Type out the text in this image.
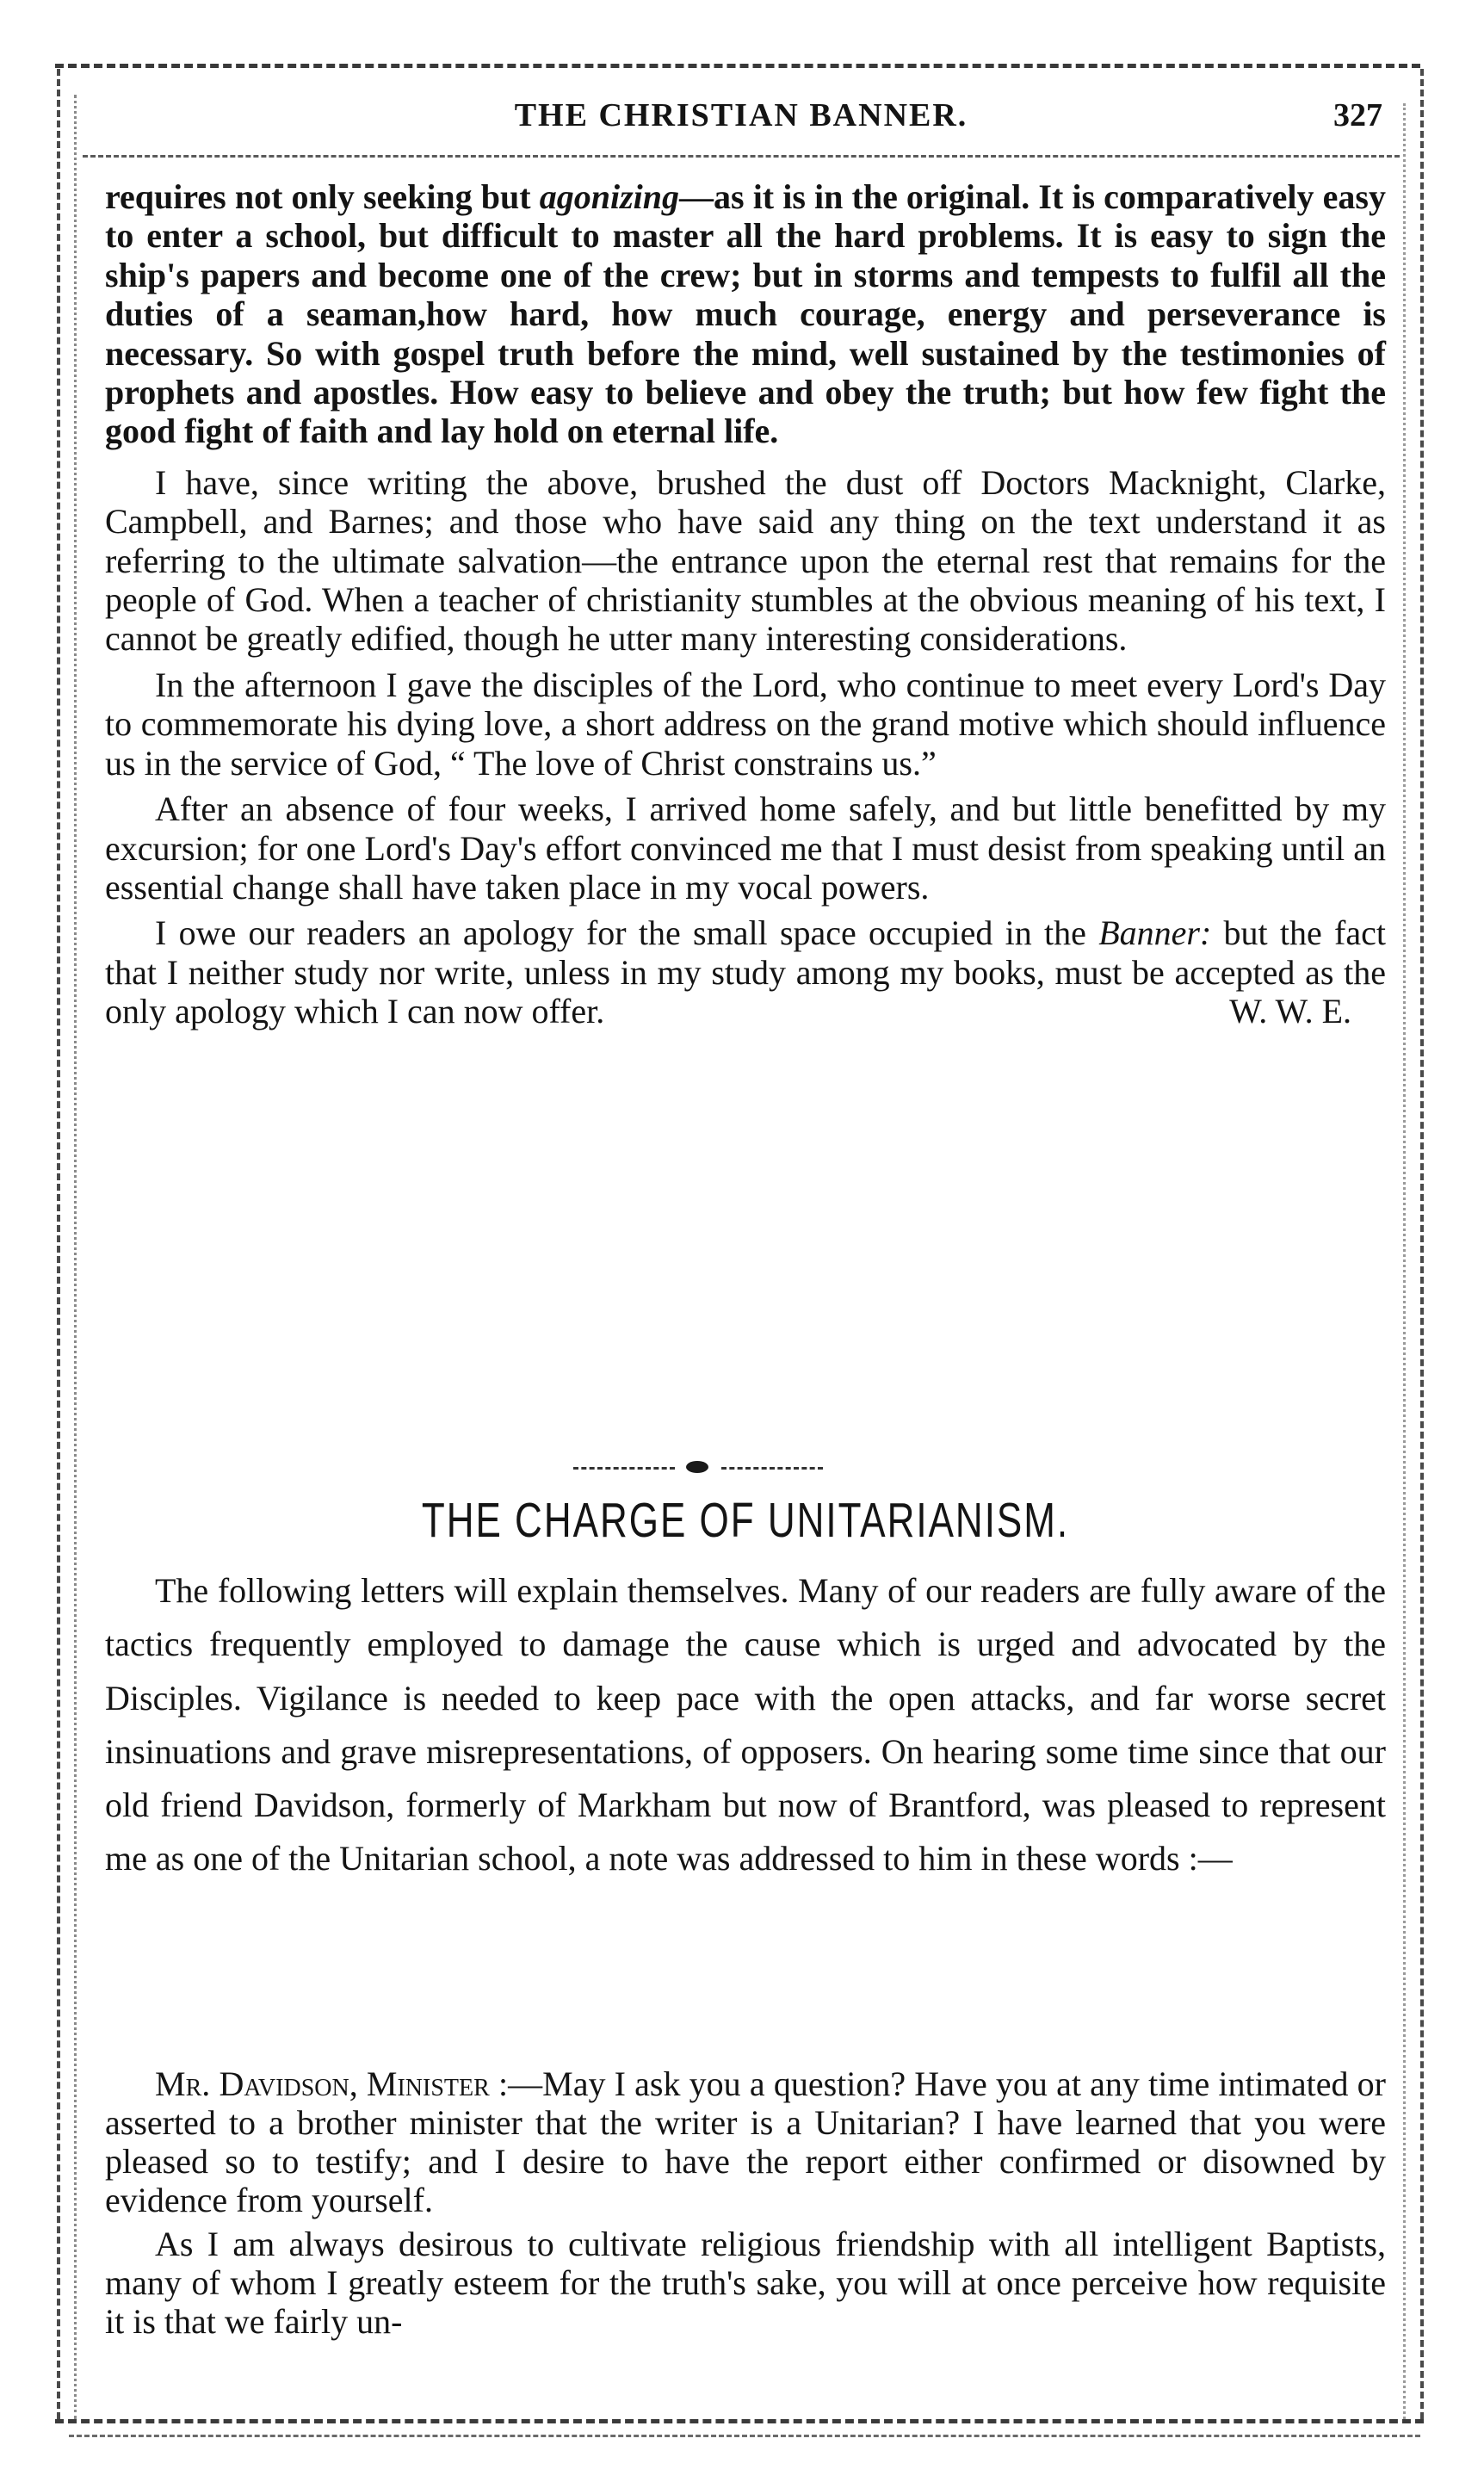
THE CHRISTIAN BANNER.	327

requires not only seeking but agonizing—as it is in the original. It is comparatively easy to enter a school, but difficult to master all the hard problems. It is easy to sign the ship's papers and become one of the crew; but in storms and tempests to fulfil all the duties of a seaman,how hard, how much courage, energy and perseverance is necessary. So with gospel truth before the mind, well sustained by the testimonies of prophets and apostles. How easy to believe and obey the truth; but how few fight the good fight of faith and lay hold on eternal life.

I have, since writing the above, brushed the dust off Doctors Macknight, Clarke, Campbell, and Barnes; and those who have said any thing on the text understand it as referring to the ultimate salvation—the entrance upon the eternal rest that remains for the people of God. When a teacher of christianity stumbles at the obvious meaning of his text, I cannot be greatly edified, though he utter many interesting considerations.

In the afternoon I gave the disciples of the Lord, who continue to meet every Lord's Day to commemorate his dying love, a short address on the grand motive which should influence us in the service of God, “ The love of Christ constrains us.”

After an absence of four weeks, I arrived home safely, and but little benefitted by my excursion; for one Lord's Day's effort convinced me that I must desist from speaking until an essential change shall have taken place in my vocal powers.

I owe our readers an apology for the small space occupied in the Banner: but the fact that I neither study nor write, unless in my study among my books, must be accepted as the only apology which I can now offer.	W. W. E.

THE CHARGE OF UNITARIANISM.

The following letters will explain themselves. Many of our readers are fully aware of the tactics frequently employed to damage the cause which is urged and advocated by the Disciples. Vigilance is needed to keep pace with the open attacks, and far worse secret insinuations and grave misrepresentations, of opposers. On hearing some time since that our old friend Davidson, formerly of Markham but now of Brantford, was pleased to represent me as one of the Unitarian school, a note was addressed to him in these words :—

Mr. Davidson, Minister :—May I ask you a question? Have you at any time intimated or asserted to a brother minister that the writer is a Unitarian? I have learned that you were pleased so to testify; and I desire to have the report either confirmed or disowned by evidence from yourself.

As I am always desirous to cultivate religious friendship with all intelligent Baptists, many of whom I greatly esteem for the truth's sake, you will at once perceive how requisite it is that we fairly un-
